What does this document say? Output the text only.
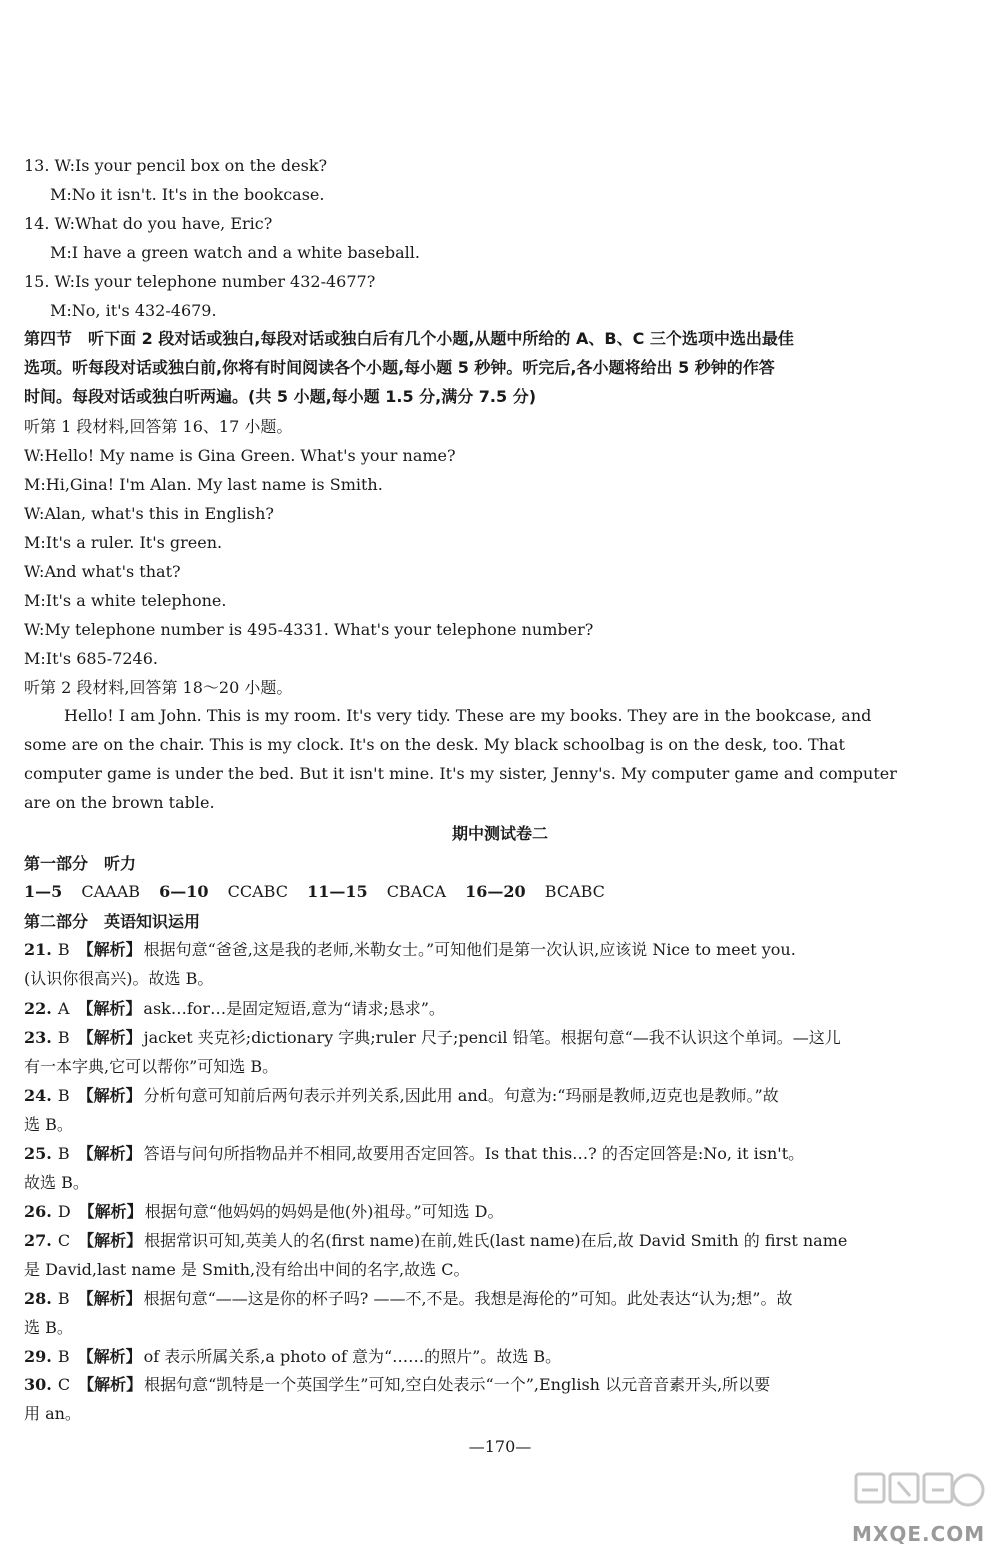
13. W:Is your pencil box on the desk?
M:No it isn't. It's in the bookcase.
14. W:What do you have, Eric?
M:I have a green watch and a white baseball.
15. W:Is your telephone number 432-4677?
M:No, it's 432-4679.
第四节　听下面 2 段对话或独白,每段对话或独白后有几个小题,从题中所给的 A、B、C 三个选项中选出最佳
选项。听每段对话或独白前,你将有时间阅读各个小题,每小题 5 秒钟。听完后,各小题将给出 5 秒钟的作答
时间。每段对话或独白听两遍。(共 5 小题,每小题 1.5 分,满分 7.5 分)
听第 1 段材料,回答第 16、17 小题。
W:Hello! My name is Gina Green. What's your name?
M:Hi,Gina! I'm Alan. My last name is Smith.
W:Alan, what's this in English?
M:It's a ruler. It's green.
W:And what's that?
M:It's a white telephone.
W:My telephone number is 495-4331. What's your telephone number?
M:It's 685-7246.
听第 2 段材料,回答第 18～20 小题。
Hello! I am John. This is my room. It's very tidy. These are my books. They are in the bookcase, and
some are on the chair. This is my clock. It's on the desk. My black schoolbag is on the desk, too. That
computer game is under the bed. But it isn't mine. It's my sister, Jenny's. My computer game and computer
are on the brown table.
期中测试卷二
第一部分　听力
1—5 CAAAB 6—10 CCABC 11—15 CBACA 16—20 BCABC
第二部分　英语知识运用
21. B 【解析】 根据句意“爸爸,这是我的老师,米勒女士。”可知他们是第一次认识,应该说 Nice to meet you.
(认识你很高兴)。故选 B。
22. A 【解析】 ask…for…是固定短语,意为“请求;恳求”。
23. B 【解析】 jacket 夹克衫;dictionary 字典;ruler 尺子;pencil 铅笔。根据句意“—我不认识这个单词。—这儿
有一本字典,它可以帮你”可知选 B。
24. B 【解析】 分析句意可知前后两句表示并列关系,因此用 and。句意为:“玛丽是教师,迈克也是教师。”故
选 B。
25. B 【解析】 答语与问句所指物品并不相同,故要用否定回答。Is that this…? 的否定回答是:No, it isn't。
故选 B。
26. D 【解析】 根据句意“他妈妈的妈妈是他(外)祖母。”可知选 D。
27. C 【解析】 根据常识可知,英美人的名(first name)在前,姓氏(last name)在后,故 David Smith 的 first name
是 David,last name 是 Smith,没有给出中间的名字,故选 C。
28. B 【解析】 根据句意“——这是你的杯子吗? ——不,不是。我想是海伦的”可知。此处表达“认为;想”。故
选 B。
29. B 【解析】 of 表示所属关系,a photo of 意为“……的照片”。故选 B。
30. C 【解析】 根据句意“凯特是一个英国学生”可知,空白处表示“一个”,English 以元音音素开头,所以要
用 an。
—170—
MXQE.COM
